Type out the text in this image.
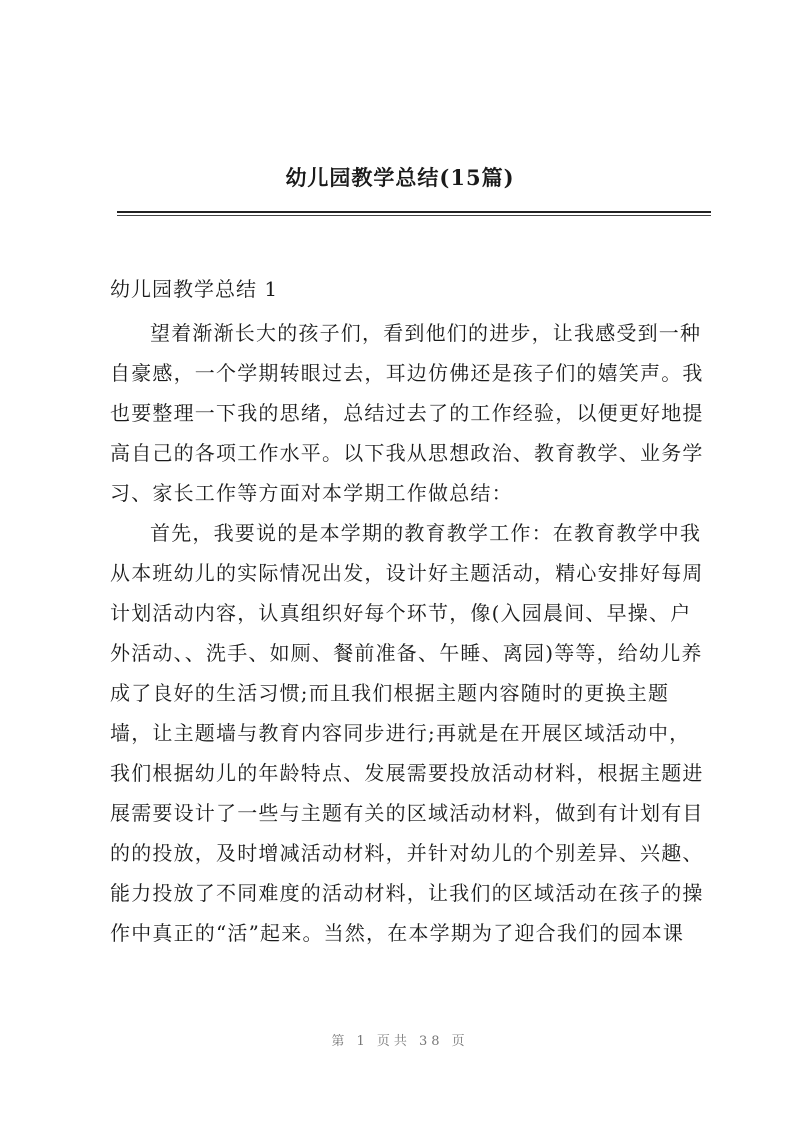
幼儿园教学总结(15篇)
幼儿园教学总结 1
望着渐渐长大的孩子们，看到他们的进步，让我感受到一种
自豪感，一个学期转眼过去，耳边仿佛还是孩子们的嬉笑声。我
也要整理一下我的思绪，总结过去了的工作经验，以便更好地提
高自己的各项工作水平。以下我从思想政治、教育教学、业务学
习、家长工作等方面对本学期工作做总结：
首先，我要说的是本学期的教育教学工作：在教育教学中我
从本班幼儿的实际情况出发，设计好主题活动，精心安排好每周
计划活动内容，认真组织好每个环节，像(入园晨间、早操、户
外活动、、洗手、如厕、餐前准备、午睡、离园)等等，给幼儿养
成了良好的生活习惯;而且我们根据主题内容随时的更换主题
墙，让主题墙与教育内容同步进行;再就是在开展区域活动中，
我们根据幼儿的年龄特点、发展需要投放活动材料，根据主题进
展需要设计了一些与主题有关的区域活动材料，做到有计划有目
的的投放，及时增减活动材料，并针对幼儿的个别差异、兴趣、
能力投放了不同难度的活动材料，让我们的区域活动在孩子的操
作中真正的“活”起来。当然，在本学期为了迎合我们的园本课
第 1 页共 38 页
